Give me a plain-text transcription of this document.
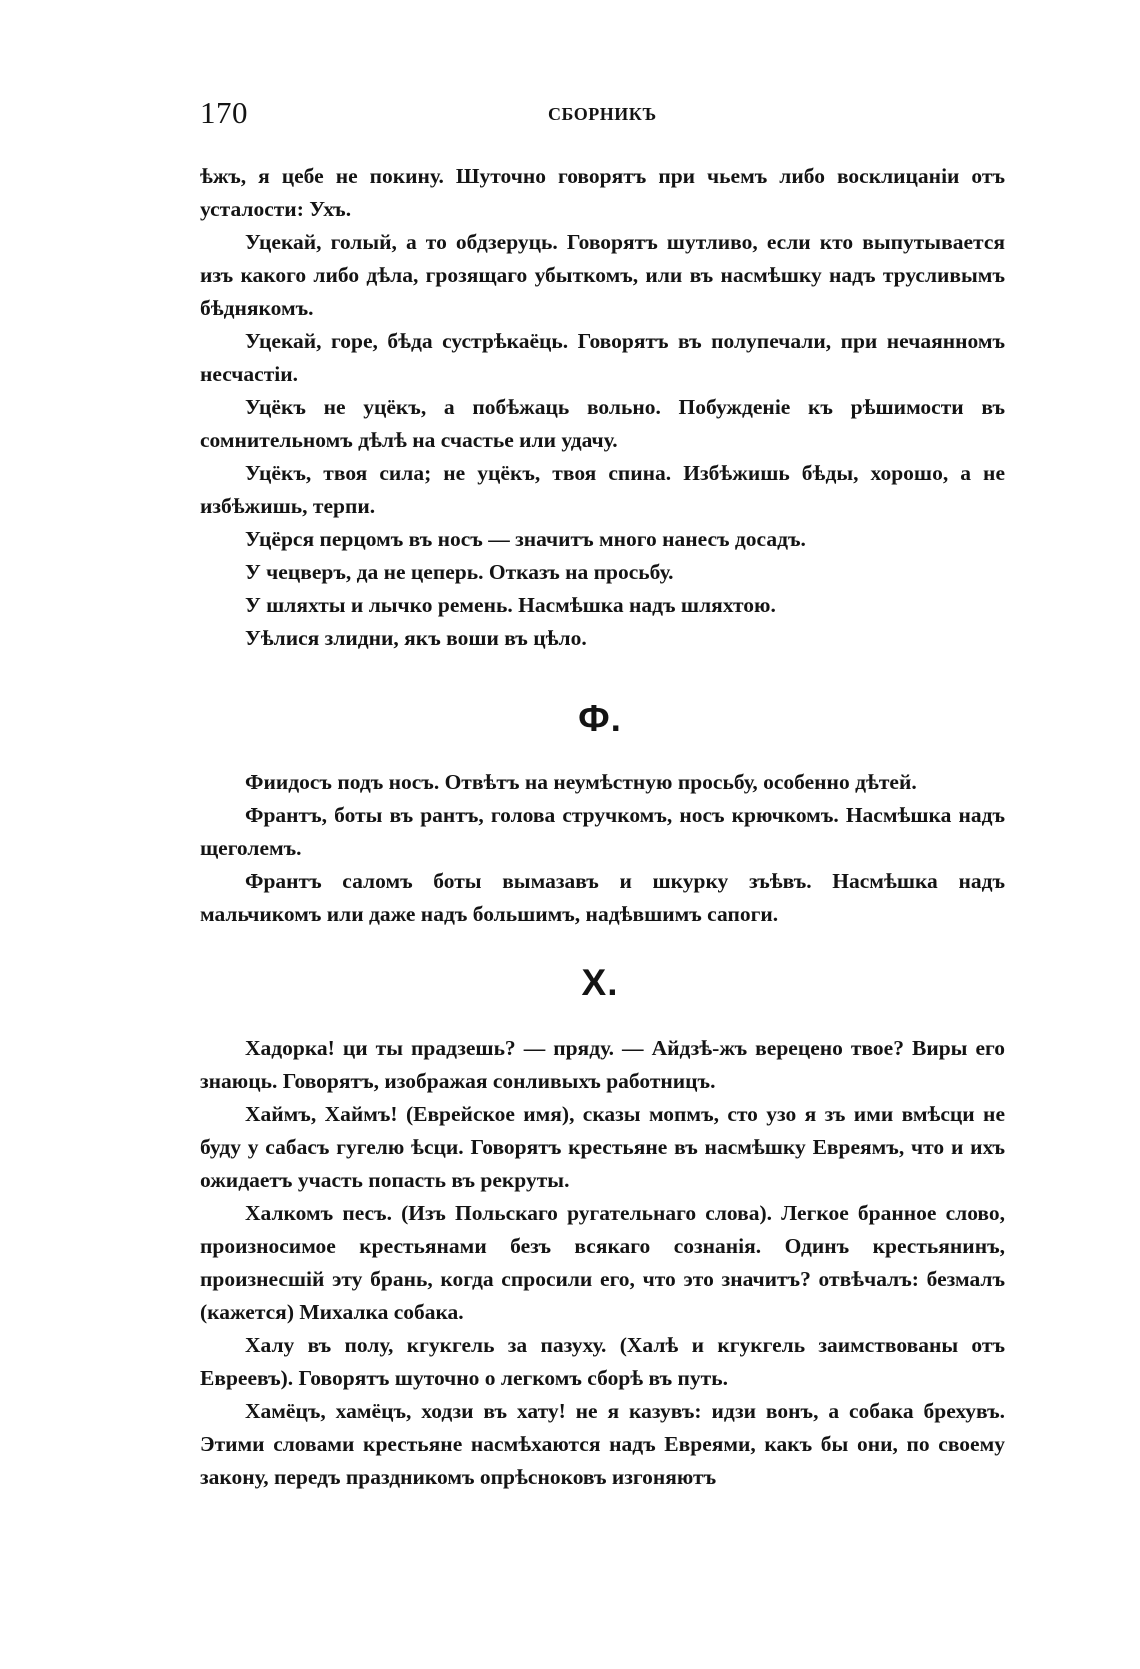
170	СБОРНИКЪ

ѣжъ, я цебе не покину. Шуточно говорятъ при чьемъ либо восклицаніи отъ усталости: Ухъ.

Уцекай, голый, а то обдзеруць. Говорятъ шутливо, если кто выпутывается изъ какого либо дѣла, грозящаго убыткомъ, или въ насмѣшку надъ трусливымъ бѣднякомъ.

Уцекай, горе, бѣда сустрѣкаёць. Говорятъ въ полупечали, при нечаянномъ несчастіи.

Уцёкъ не уцёкъ, а побѣжаць вольно. Побужденіе къ рѣшимости въ сомнительномъ дѣлѣ на счастье или удачу.

Уцёкъ, твоя сила; не уцёкъ, твоя спина. Избѣжишь бѣды, хорошо, а не избѣжишь, терпи.

Уцёрся перцомъ въ носъ — значитъ много нанесъ досадъ.

У чецверъ, да не цеперь. Отказъ на просьбу.

У шляхты и лычко ремень. Насмѣшка надъ шляхтою.

Уѣлися злидни, якъ воши въ цѣло.

Ф.

Фиидосъ подъ носъ. Отвѣтъ на неумѣстную просьбу, особенно дѣтей.

Франтъ, боты въ рантъ, голова стручкомъ, носъ крючкомъ. Насмѣшка надъ щеголемъ.

Франтъ саломъ боты вымазавъ и шкурку зъѣвъ. Насмѣшка надъ мальчикомъ или даже надъ большимъ, надѣвшимъ сапоги.

Х.

Хадорка! ци ты прадзешь? — пряду. — Айдзѣ-жъ верецено твое? Виры его знаюць. Говорятъ, изображая сонливыхъ работницъ.

Хаймъ, Хаймъ! (Еврейское имя), сказы мопмъ, сто узо я зъ ими вмѣсци не буду у сабасъ гугелю ѣсци. Говорятъ крестьяне въ насмѣшку Евреямъ, что и ихъ ожидаетъ участь попасть въ рекруты.

Халкомъ песъ. (Изъ Польскаго ругательнаго слова). Легкое бранное слово, произносимое крестьянами безъ всякаго сознанія. Одинъ крестьянинъ, произнесшій эту брань, когда спросили его, что это значитъ? отвѣчалъ: безмалъ (кажется) Михалка собака.

Халу въ полу, кгукгель за пазуху. (Халѣ и кгукгель заимствованы отъ Евреевъ). Говорятъ шуточно о легкомъ сборѣ въ путь.

Хамёцъ, хамёцъ, ходзи въ хату! не я казувъ: идзи вонъ, а собака брехувъ. Этими словами крестьяне насмѣхаются надъ Евреями, какъ бы они, по своему закону, передъ праздникомъ опрѣсноковъ изгоняютъ
